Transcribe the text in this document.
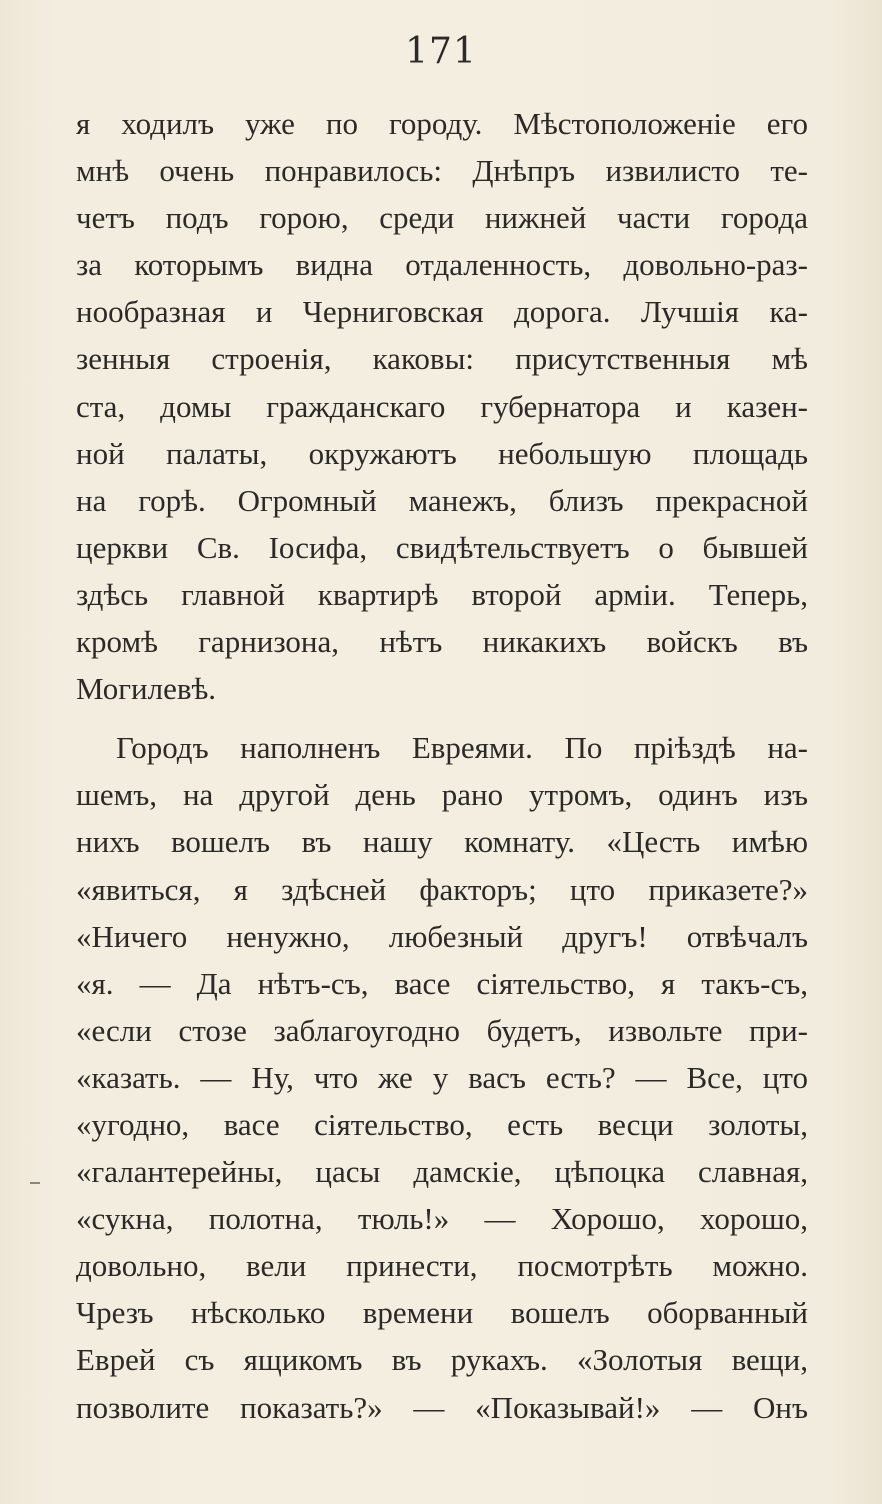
171
я ходилъ уже по городу. Мѣстоположеніе его
мнѣ очень понравилось: Днѣпръ извилисто те-
четъ подъ горою, среди нижней части города
за которымъ видна отдаленность, довольно-раз-
нообразная и Черниговская дорога. Лучшія ка-
зенныя строенія, каковы: присутственныя мѣ
ста, домы гражданскаго губернатора и казен-
ной палаты, окружаютъ небольшую площадь
на горѣ. Огромный манежъ, близъ прекрасной
церкви Св. Іосифа, свидѣтельствуетъ о бывшей
здѣсь главной квартирѣ второй арміи. Теперь,
кромѣ гарнизона, нѣтъ никакихъ войскъ въ
Могилевѣ.
Городъ наполненъ Евреями. По пріѣздѣ на-
шемъ, на другой день рано утромъ, одинъ изъ
нихъ вошелъ въ нашу комнату. «Цесть имѣю
«явиться, я здѣсней факторъ; цто приказете?»
«Ничего ненужно, любезный другъ! отвѣчалъ
«я. — Да нѣтъ-съ, васе сіятельство, я такъ-съ,
«если стозе заблагоугодно будетъ, извольте при-
«казать. — Ну, что же у васъ есть? — Все, цто
«угодно, васе сіятельство, есть весци золоты,
«галантерейны, цасы дамскіе, цѣпоцка славная,
«сукна, полотна, тюль!» — Хорошо, хорошо,
довольно, вели принести, посмотрѣть можно.
Чрезъ нѣсколько времени вошелъ оборванный
Еврей съ ящикомъ въ рукахъ. «Золотыя вещи,
позволите показать?» — «Показывай!» — Онъ
